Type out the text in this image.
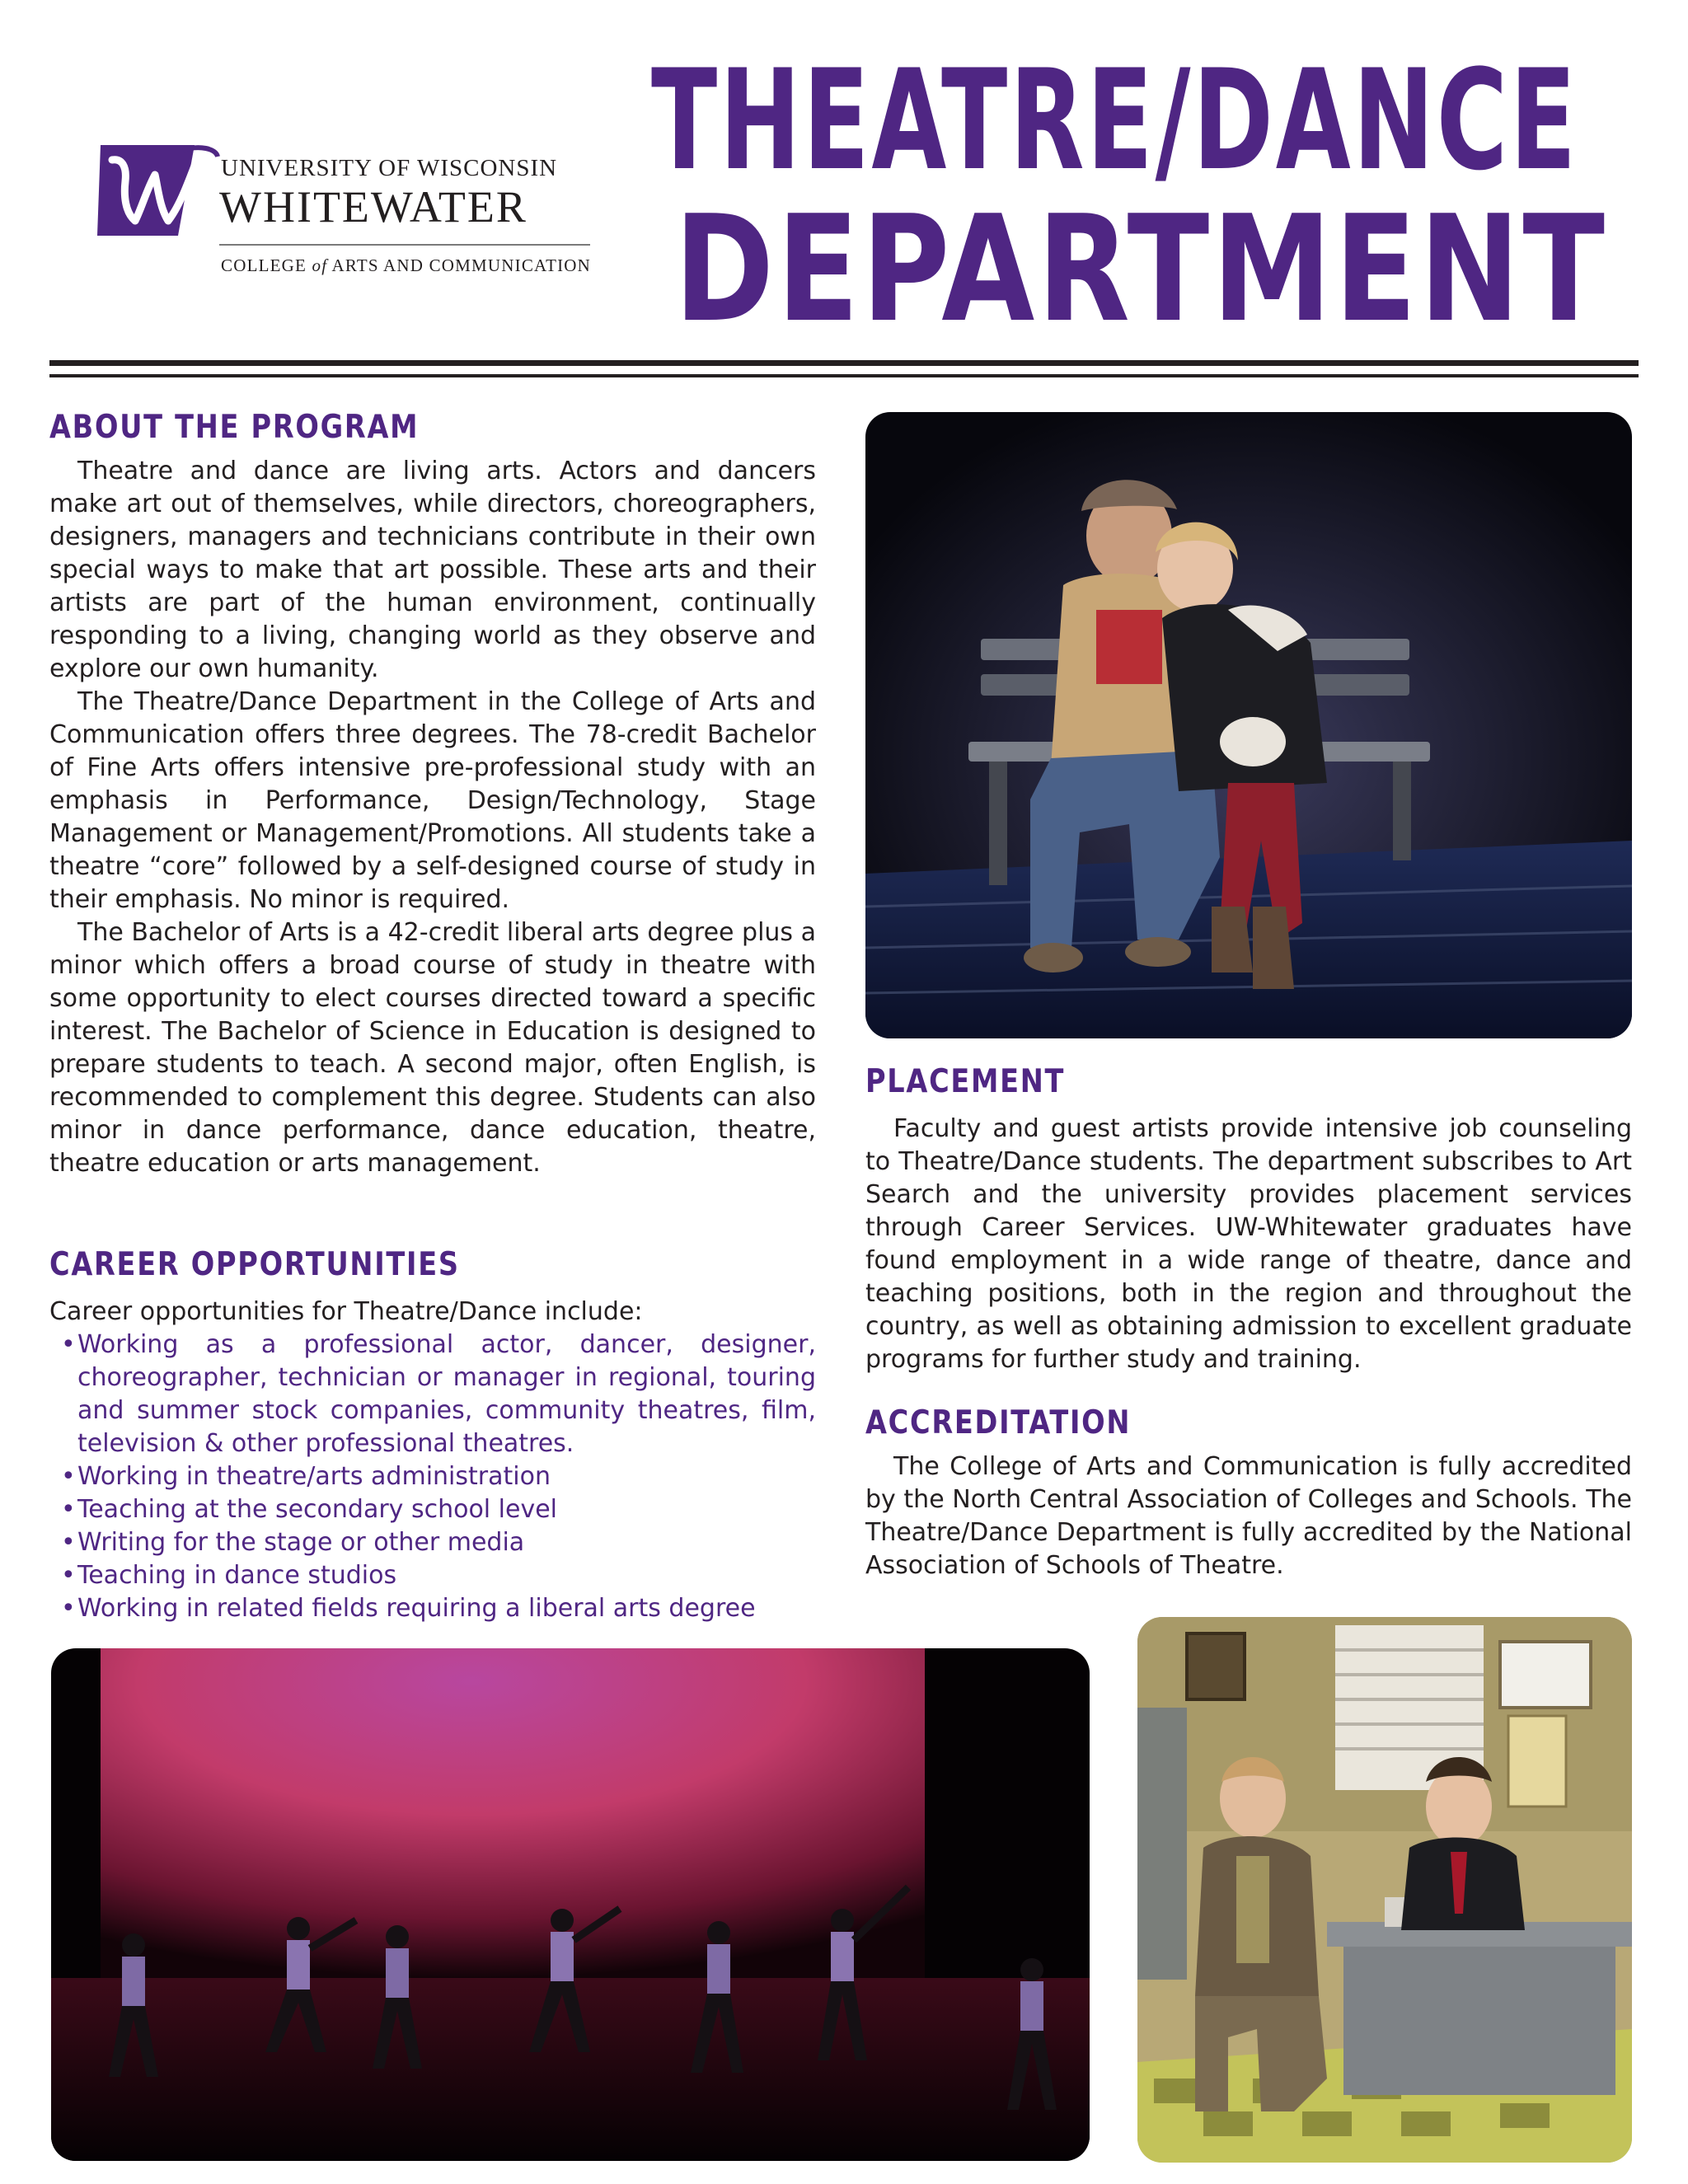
UNIVERSITY OF WISCONSIN
WHITEWATER
COLLEGE of ARTS AND COMMUNICATION
THEATRE/DANCE
DEPARTMENT
ABOUT THE PROGRAM

Theatre and dance are living arts. Actors and dancers make art out of themselves, while directors, choreographers, designers, managers and technicians contribute in their own special ways to make that art possible. These arts and their artists are part of the human environment, continually responding to a living, changing world as they observe and explore our own humanity.

The Theatre/Dance Department in the College of Arts and Communication offers three degrees. The 78-credit Bachelor of Fine Arts offers intensive pre-professional study with an emphasis in Performance, Design/Technology, Stage Management or Management/Promotions. All students take a theatre “core” followed by a self-designed course of study in their emphasis. No minor is required.

The Bachelor of Arts is a 42-credit liberal arts degree plus a minor which offers a broad course of study in theatre with some opportunity to elect courses directed toward a specific interest. The Bachelor of Science in Education is designed to prepare students to teach. A second major, often English, is recommended to complement this degree. Students can also minor in dance performance, dance education, theatre, theatre education or arts management.

CAREER OPPORTUNITIES
Career opportunities for Theatre/Dance include:
• Working as a professional actor, dancer, designer, choreographer, technician or manager in regional, touring and summer stock companies, community theatres, film, television & other professional theatres.
• Working in theatre/arts administration
• Teaching at the secondary school level
• Writing for the stage or other media
• Teaching in dance studios
• Working in related fields requiring a liberal arts degree
PLACEMENT

Faculty and guest artists provide intensive job counseling to Theatre/Dance students. The department subscribes to Art Search and the university provides placement services through Career Services. UW-Whitewater graduates have found employment in a wide range of theatre, dance and teaching positions, both in the region and throughout the country, as well as obtaining admission to excellent graduate programs for further study and training.

ACCREDITATION

The College of Arts and Communication is fully accredited by the North Central Association of Colleges and Schools. The Theatre/Dance Department is fully accredited by the National Association of Schools of Theatre.
